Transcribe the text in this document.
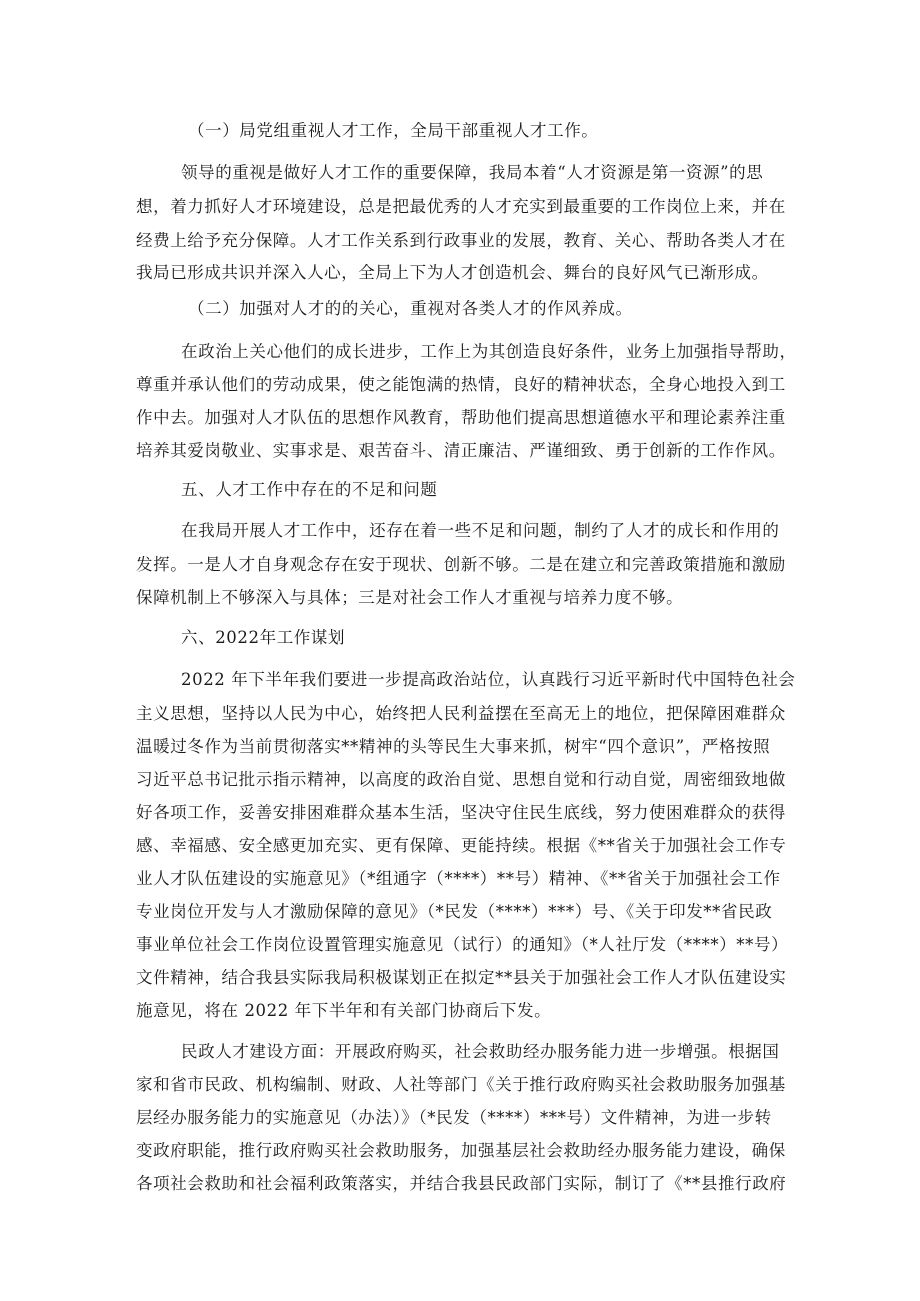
（一）局党组重视人才工作，全局干部重视人才工作。
领导的重视是做好人才工作的重要保障，我局本着“人才资源是第一资源”的思
想，着力抓好人才环境建设，总是把最优秀的人才充实到最重要的工作岗位上来，并在
经费上给予充分保障。人才工作关系到行政事业的发展，教育、关心、帮助各类人才在
我局已形成共识并深入人心，全局上下为人才创造机会、舞台的良好风气已渐形成。
（二）加强对人才的的关心，重视对各类人才的作风养成。
在政治上关心他们的成长进步，工作上为其创造良好条件，业务上加强指导帮助，
尊重并承认他们的劳动成果，使之能饱满的热情，良好的精神状态，全身心地投入到工
作中去。加强对人才队伍的思想作风教育，帮助他们提高思想道德水平和理论素养注重
培养其爱岗敬业、实事求是、艰苦奋斗、清正廉洁、严谨细致、勇于创新的工作作风。
五、人才工作中存在的不足和问题
在我局开展人才工作中，还存在着一些不足和问题，制约了人才的成长和作用的
发挥。一是人才自身观念存在安于现状、创新不够。二是在建立和完善政策措施和激励
保障机制上不够深入与具体；三是对社会工作人才重视与培养力度不够。
六、2022年工作谋划
2022 年下半年我们要进一步提高政治站位，认真践行习近平新时代中国特色社会
主义思想，坚持以人民为中心，始终把人民利益摆在至高无上的地位，把保障困难群众
温暖过冬作为当前贯彻落实**精神的头等民生大事来抓，树牢“四个意识”，严格按照
习近平总书记批示指示精神，以高度的政治自觉、思想自觉和行动自觉，周密细致地做
好各项工作，妥善安排困难群众基本生活，坚决守住民生底线，努力使困难群众的获得
感、幸福感、安全感更加充实、更有保障、更能持续。根据《**省关于加强社会工作专
业人才队伍建设的实施意见》（*组通字（****）**号）精神、《**省关于加强社会工作
专业岗位开发与人才激励保障的意见》（*民发（****）***）号、《关于印发**省民政
事业单位社会工作岗位设置管理实施意见（试行）的通知》（*人社厅发（****）**号）
文件精神，结合我县实际我局积极谋划正在拟定**县关于加强社会工作人才队伍建设实
施意见，将在 2022 年下半年和有关部门协商后下发。
民政人才建设方面：开展政府购买，社会救助经办服务能力进一步增强。根据国
家和省市民政、机构编制、财政、人社等部门《关于推行政府购买社会救助服务加强基
层经办服务能力的实施意见（办法）》（*民发（****）***号）文件精神，为进一步转
变政府职能，推行政府购买社会救助服务，加强基层社会救助经办服务能力建设，确保
各项社会救助和社会福利政策落实，并结合我县民政部门实际，制订了《**县推行政府
